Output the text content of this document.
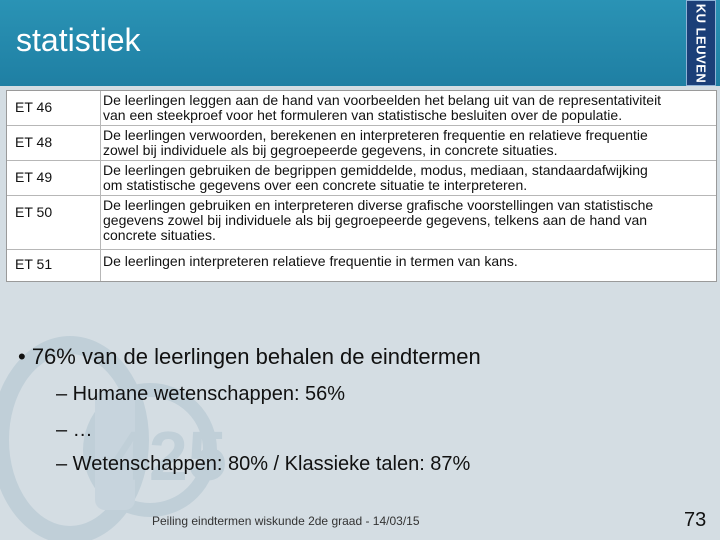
statistiek	KU LEUVEN
ET 46	De leerlingen leggen aan de hand van voorbeelden het belang uit van de representativiteit
van een steekproef voor het formuleren van statistische besluiten over de populatie.
ET 48	De leerlingen verwoorden, berekenen en interpreteren frequentie en relatieve frequentie
zowel bij individuele als bij gegroepeerde gegevens, in concrete situaties.
ET 49	De leerlingen gebruiken de begrippen gemiddelde, modus, mediaan, standaardafwijking
om statistische gegevens over een concrete situatie te interpreteren.
ET 50	De leerlingen gebruiken en interpreteren diverse grafische voorstellingen van statistische
gegevens zowel bij individuele als bij gegroepeerde gegevens, telkens aan de hand van
concrete situaties.
ET 51	De leerlingen interpreteren relatieve frequentie in termen van kans.
425
• 76% van de leerlingen behalen de eindtermen
– Humane wetenschappen: 56%
– …
– Wetenschappen: 80% / Klassieke talen: 87%
Peiling eindtermen wiskunde 2de graad - 14/03/15	73
